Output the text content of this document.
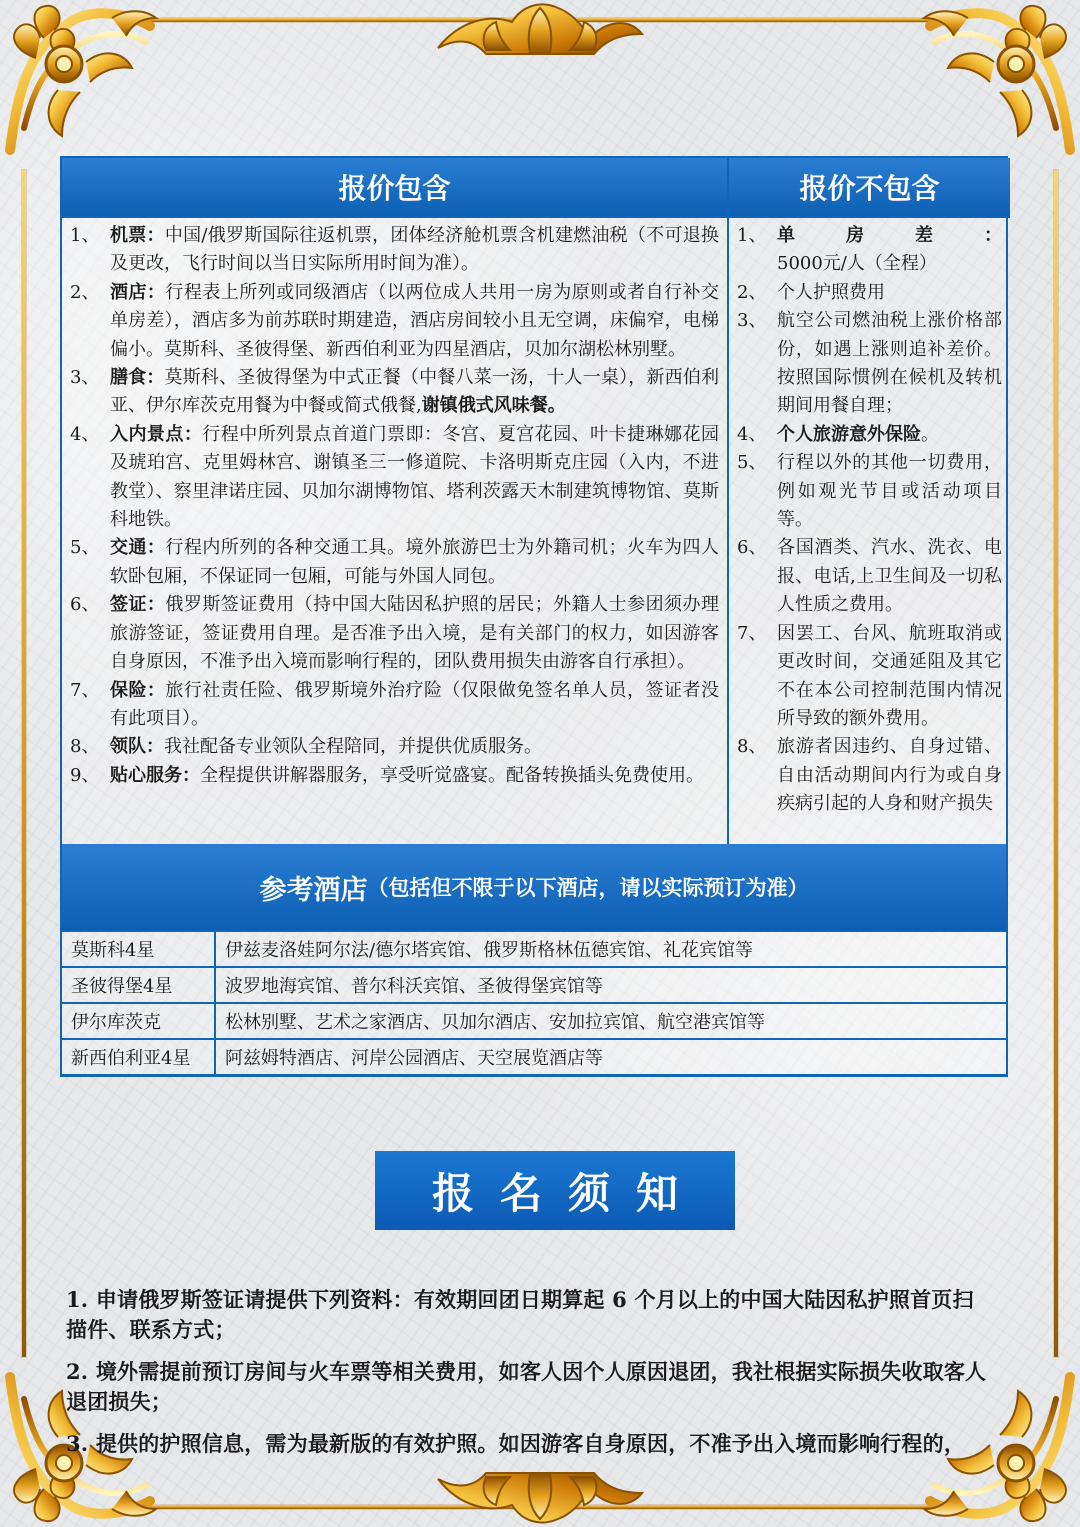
报价包含	报价不包含
1、 机票：中国/俄罗斯国际往返机票，团体经济舱机票含机建燃油税（不可退换及更改，飞行时间以当日实际所用时间为准）。
2、 酒店：行程表上所列或同级酒店（以两位成人共用一房为原则或者自行补交单房差），酒店多为前苏联时期建造，酒店房间较小且无空调，床偏窄，电梯偏小。莫斯科、圣彼得堡、新西伯利亚为四星酒店，贝加尔湖松林别墅。
3、 膳食：莫斯科、圣彼得堡为中式正餐（中餐八菜一汤，十人一桌），新西伯利亚、伊尔库茨克用餐为中餐或简式俄餐,谢镇俄式风味餐。
4、 入内景点：行程中所列景点首道门票即：冬宫、夏宫花园、叶卡捷琳娜花园及琥珀宫、克里姆林宫、谢镇圣三一修道院、卡洛明斯克庄园（入内，不进教堂）、察里津诺庄园、贝加尔湖博物馆、塔利茨露天木制建筑博物馆、莫斯科地铁。
5、 交通：行程内所列的各种交通工具。境外旅游巴士为外籍司机；火车为四人软卧包厢，不保证同一包厢，可能与外国人同包。
6、 签证：俄罗斯签证费用（持中国大陆因私护照的居民；外籍人士参团须办理旅游签证，签证费用自理。是否准予出入境，是有关部门的权力，如因游客自身原因，不准予出入境而影响行程的，团队费用损失由游客自行承担）。
7、 保险：旅行社责任险、俄罗斯境外治疗险（仅限做免签名单人员，签证者没有此项目）。
8、 领队：我社配备专业领队全程陪同，并提供优质服务。
9、 贴心服务：全程提供讲解器服务，享受听觉盛宴。配备转换插头免费使用。
1、 单房差：5000元/人（全程）
2、 个人护照费用
3、 航空公司燃油税上涨价格部份，如遇上涨则追补差价。按照国际惯例在候机及转机期间用餐自理；
4、 个人旅游意外保险。
5、 行程以外的其他一切费用，例如观光节目或活动项目等。
6、 各国酒类、汽水、洗衣、电报、电话,上卫生间及一切私人性质之费用。
7、 因罢工、台风、航班取消或更改时间，交通延阻及其它不在本公司控制范围内情况所导致的额外费用。
8、 旅游者因违约、自身过错、自由活动期间内行为或自身疾病引起的人身和财产损失
参考酒店 （包括但不限于以下酒店，请以实际预订为准）
莫斯科4星	伊兹麦洛娃阿尔法/德尔塔宾馆、俄罗斯格林伍德宾馆、礼花宾馆等
圣彼得堡4星	波罗地海宾馆、普尔科沃宾馆、圣彼得堡宾馆等
伊尔库茨克	松林别墅、艺术之家酒店、贝加尔酒店、安加拉宾馆、航空港宾馆等
新西伯利亚4星	阿兹姆特酒店、河岸公园酒店、天空展览酒店等
报名须知

1. 申请俄罗斯签证请提供下列资料：有效期回团日期算起 6 个月以上的中国大陆因私护照首页扫描件、联系方式；

2. 境外需提前预订房间与火车票等相关费用，如客人因个人原因退团，我社根据实际损失收取客人退团损失；

3. 提供的护照信息，需为最新版的有效护照。如因游客自身原因，不准予出入境而影响行程的，
